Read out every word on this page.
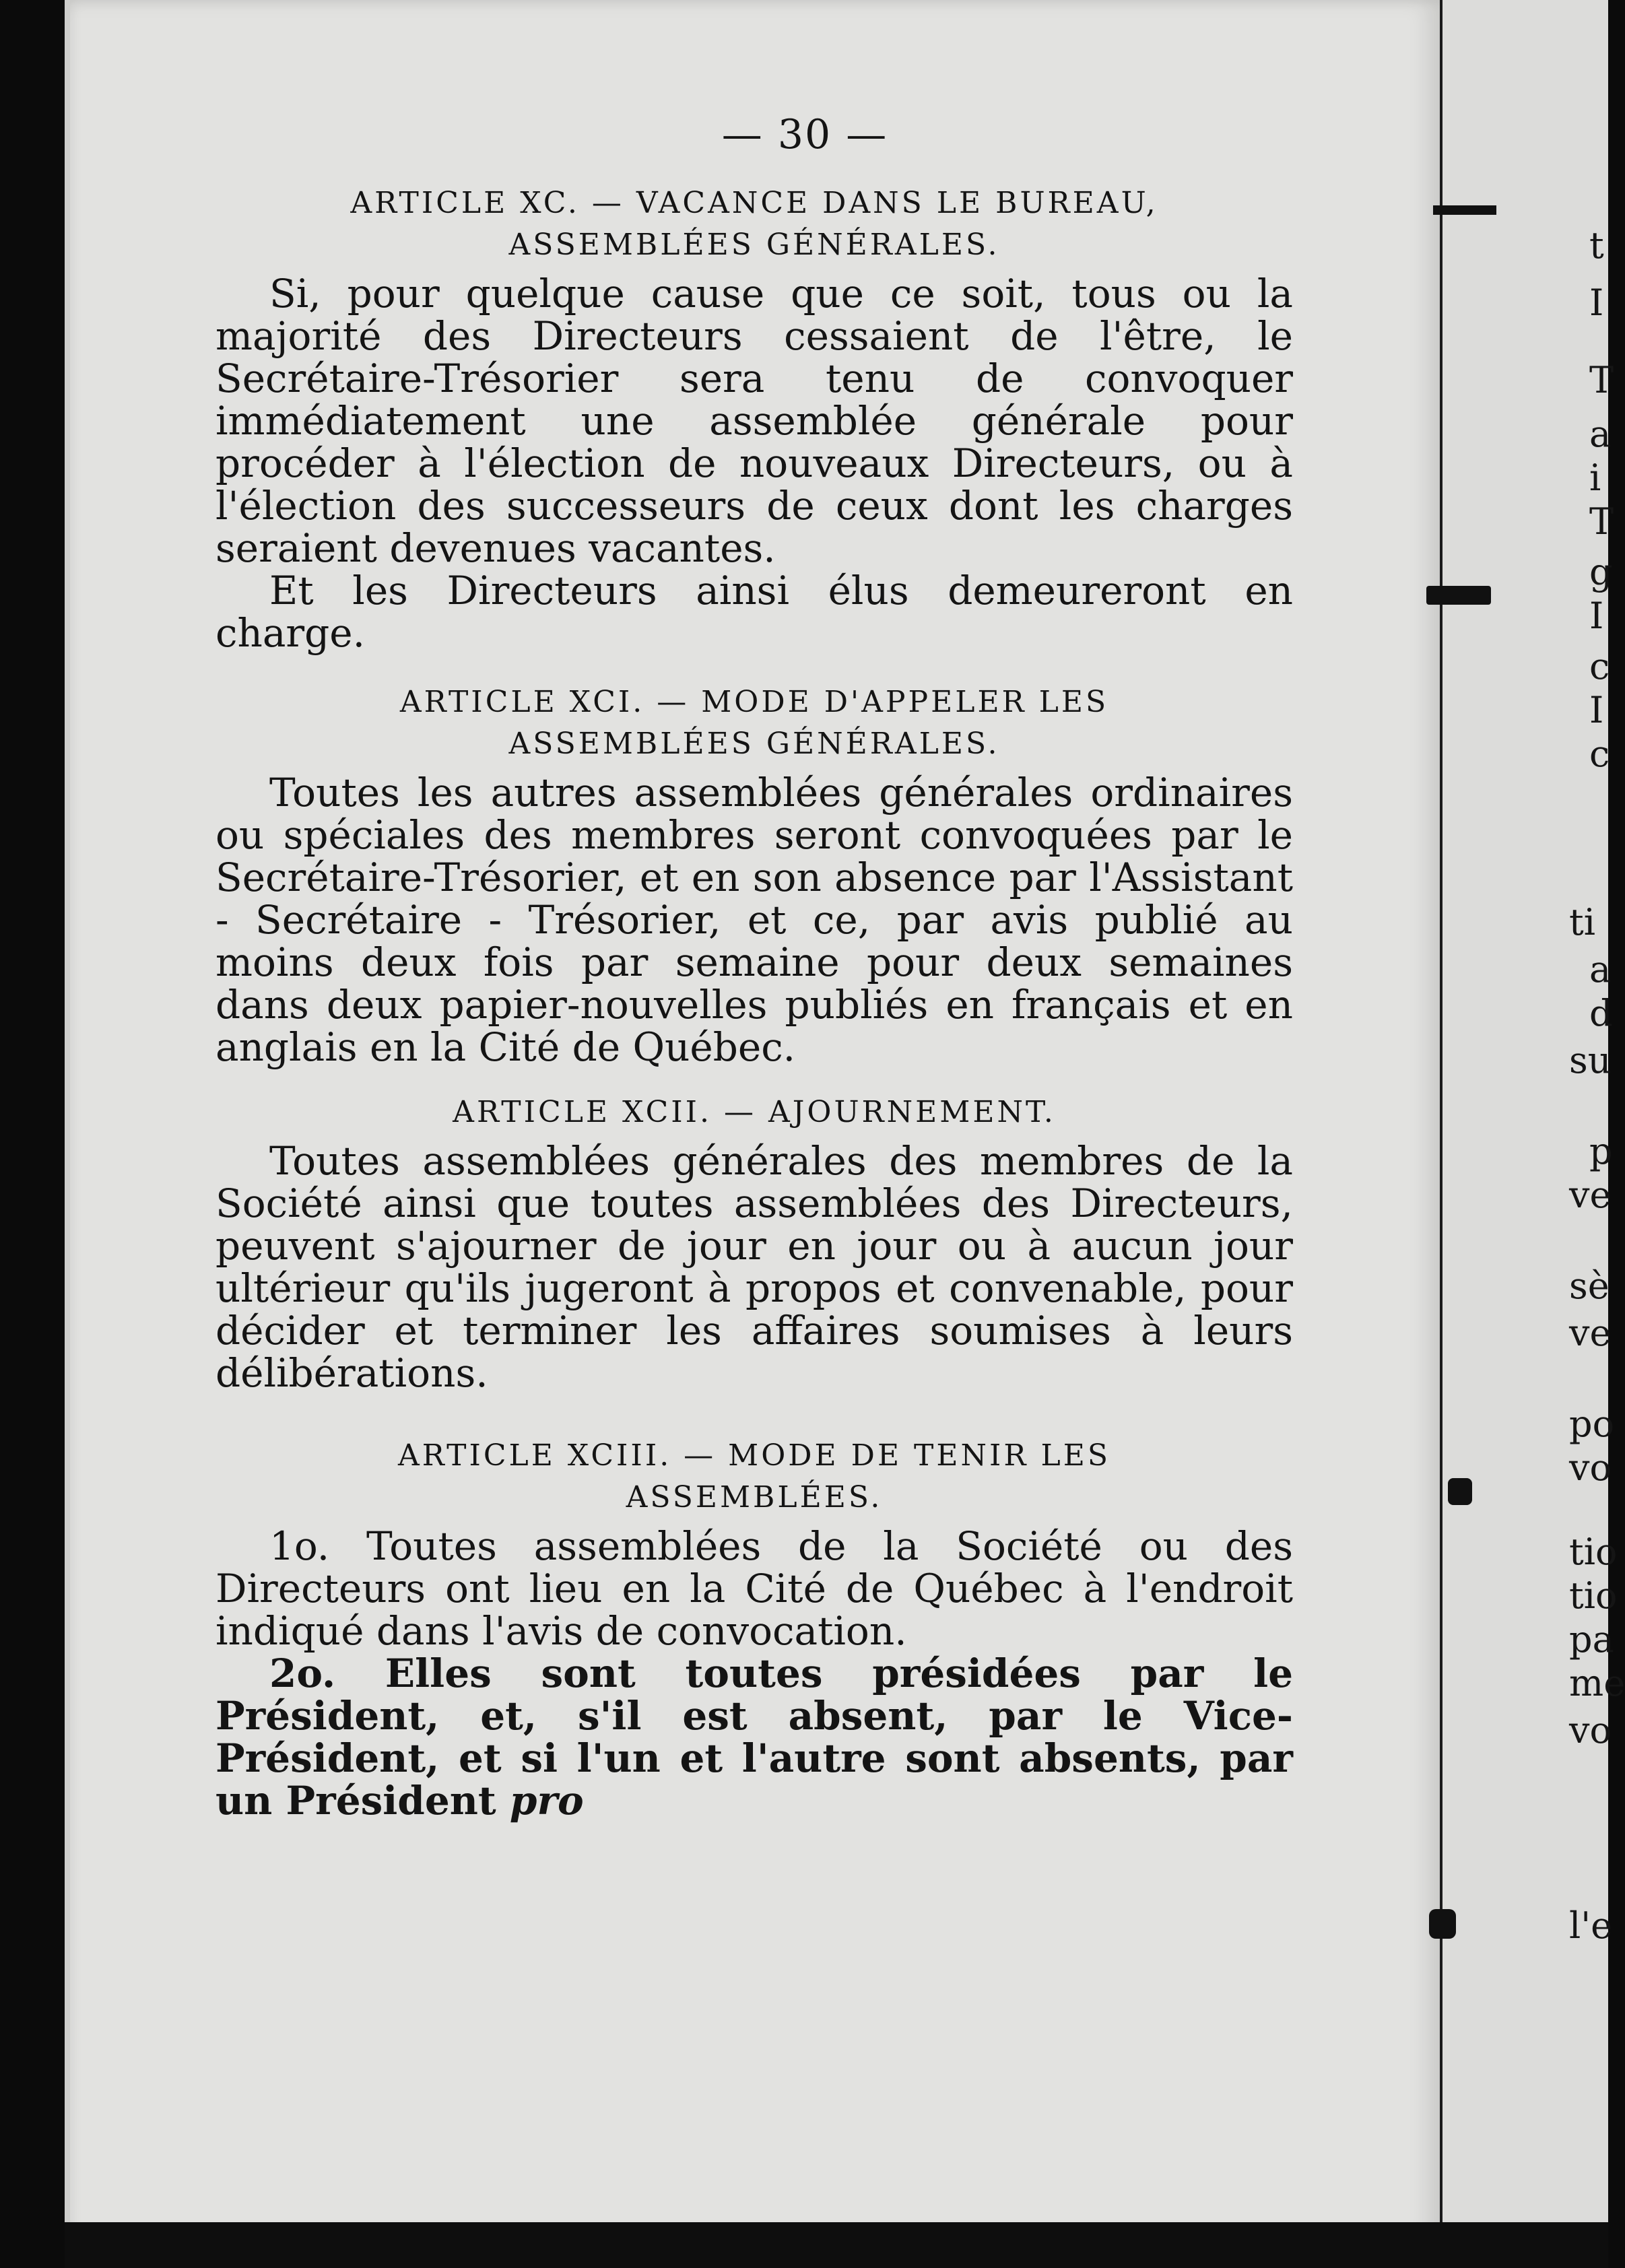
— 30 —
ARTICLE XC. — VACANCE DANS LE BUREAU,
ASSEMBLÉES GÉNÉRALES.

Si, pour quelque cause que ce soit, tous ou la majorité des Directeurs cessaient de l'être, le Secrétaire-Trésorier sera tenu de convoquer immédiatement une assemblée générale pour procéder à l'élection de nouveaux Directeurs, ou à l'élection des successeurs de ceux dont les charges seraient devenues vacantes.

Et les Directeurs ainsi élus demeureront en charge.

ARTICLE XCI. — MODE D'APPELER LES
ASSEMBLÉES GÉNÉRALES.

Toutes les autres assemblées générales ordinaires ou spéciales des membres seront convoquées par le Secrétaire-Trésorier, et en son absence par l'Assistant - Secrétaire - Trésorier, et ce, par avis publié au moins deux fois par semaine pour deux semaines dans deux papier-nouvelles publiés en français et en anglais en la Cité de Québec.

ARTICLE XCII. — AJOURNEMENT.

Toutes assemblées générales des membres de la Société ainsi que toutes assemblées des Directeurs, peuvent s'ajourner de jour en jour ou à aucun jour ultérieur qu'ils jugeront à propos et convenable, pour décider et terminer les affaires soumises à leurs délibérations.

ARTICLE XCIII. — MODE DE TENIR LES
ASSEMBLÉES.

1o. Toutes assemblées de la Société ou des Directeurs ont lieu en la Cité de Québec à l'endroit indiqué dans l'avis de convocation.

2o. Elles sont toutes présidées par le Président, et, s'il est absent, par le Vice-Président, et si l'un et l'autre sont absents, par un Président pro

t
I
T
a
i
T
g
I
c
I
c
ti
a
d
su
p
ve
sè
ve
po
vo
tio
tio
pa
me
vo
l'e
